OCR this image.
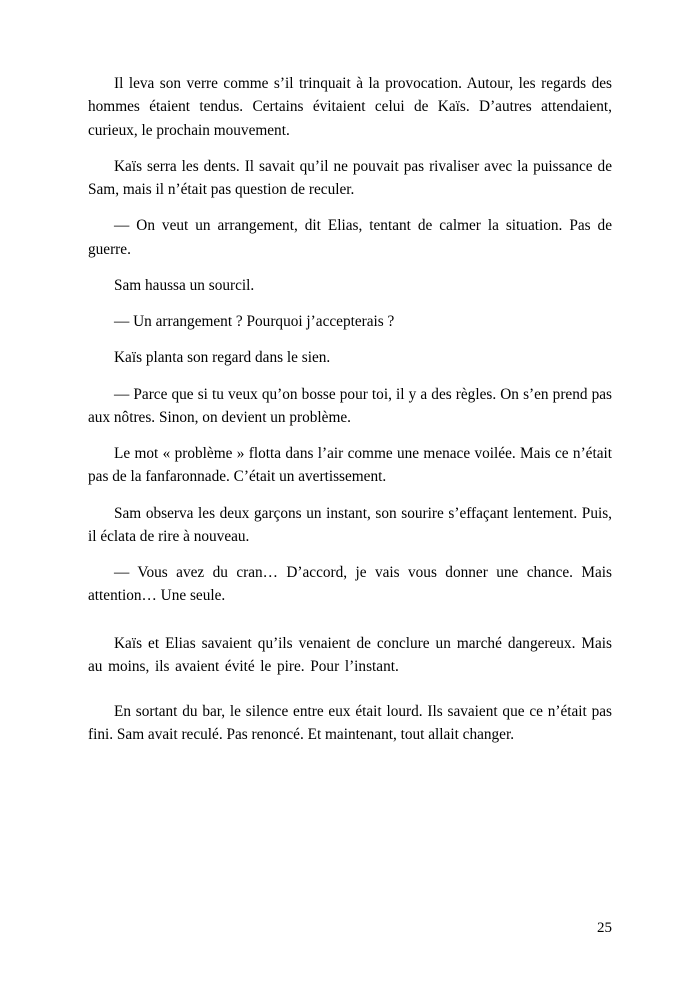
Il leva son verre comme s’il trinquait à la provocation. Autour, les regards des hommes étaient tendus. Certains évitaient celui de Kaïs. D’autres attendaient, curieux, le prochain mouvement.

Kaïs serra les dents. Il savait qu’il ne pouvait pas rivaliser avec la puissance de Sam, mais il n’était pas question de reculer.

— On veut un arrangement, dit Elias, tentant de calmer la situation. Pas de guerre.

Sam haussa un sourcil.

— Un arrangement ? Pourquoi j’accepterais ?

Kaïs planta son regard dans le sien.

— Parce que si tu veux qu’on bosse pour toi, il y a des règles. On s’en prend pas aux nôtres. Sinon, on devient un problème.

Le mot « problème » flotta dans l’air comme une menace voilée. Mais ce n’était pas de la fanfaronnade. C’était un avertissement.

Sam observa les deux garçons un instant, son sourire s’effaçant lentement. Puis, il éclata de rire à nouveau.

— Vous avez du cran… D’accord, je vais vous donner une chance. Mais attention… Une seule.

Kaïs et Elias savaient qu’ils venaient de conclure un marché dangereux. Mais au moins, ils avaient évité le pire. Pour l’instant.

En sortant du bar, le silence entre eux était lourd. Ils savaient que ce n’était pas fini. Sam avait reculé. Pas renoncé. Et maintenant, tout allait changer.

25
